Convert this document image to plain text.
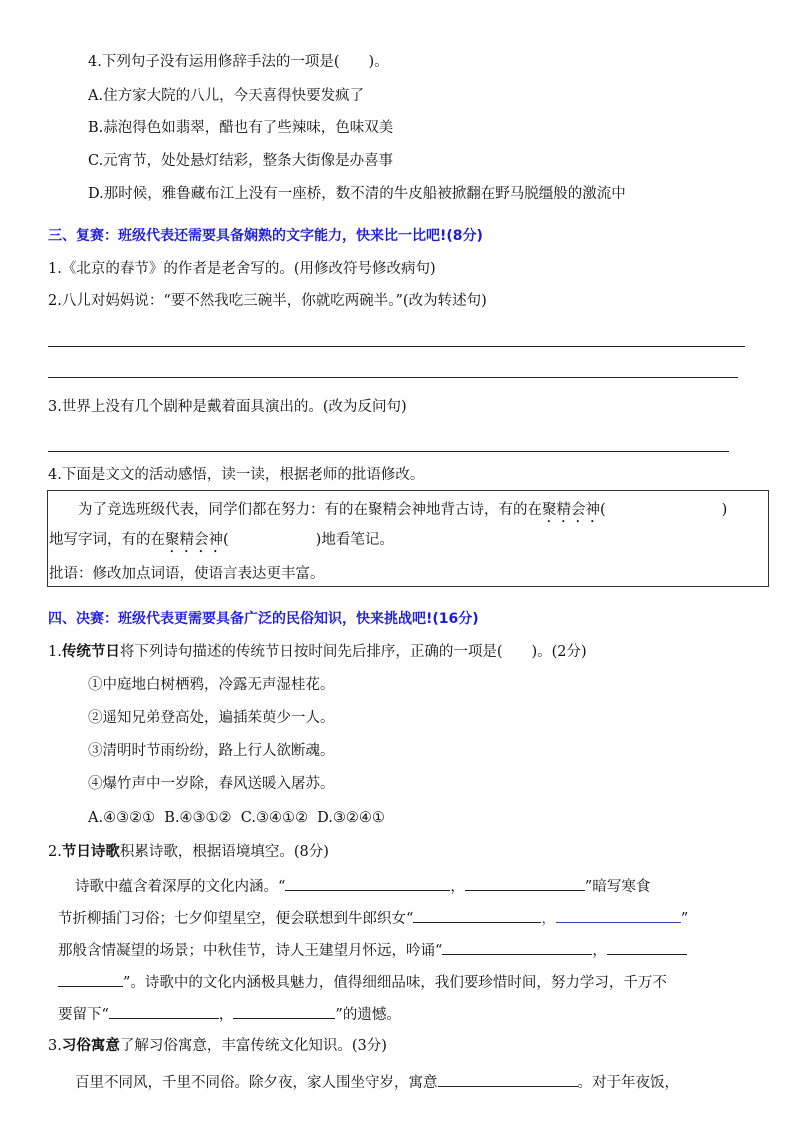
4.下列句子没有运用修辞手法的一项是(　　)。
A.住方家大院的八儿，今天喜得快要发疯了
B.蒜泡得色如翡翠，醋也有了些辣味，色味双美
C.元宵节，处处悬灯结彩，整条大街像是办喜事
D.那时候，雅鲁藏布江上没有一座桥，数不清的牛皮船被掀翻在野马脱缰般的激流中
三、复赛：班级代表还需要具备娴熟的文字能力，快来比一比吧!(8分)
1.《北京的春节》的作者是老舍写的。(用修改符号修改病句)
2.八儿对妈妈说：“要不然我吃三碗半，你就吃两碗半。”(改为转述句)
3.世界上没有几个剧种是戴着面具演出的。(改为反问句)
4.下面是文文的活动感悟，读一读，根据老师的批语修改。
为了竞选班级代表，同学们都在努力：有的在聚精会神地背古诗，有的在聚精会神(　　　　　　　　)
地写字词，有的在聚精会神(　　　　　　)地看笔记。
批语：修改加点词语，使语言表达更丰富。
四、决赛：班级代表更需要具备广泛的民俗知识，快来挑战吧!(16分)
1.传统节日将下列诗句描述的传统节日按时间先后排序，正确的一项是(　　)。(2分)
①中庭地白树栖鸦，冷露无声湿桂花。
②遥知兄弟登高处，遍插茱萸少一人。
③清明时节雨纷纷，路上行人欲断魂。
④爆竹声中一岁除，春风送暖入屠苏。
A.④③②①  B.④③①②  C.③④①②  D.③②④①
2.节日诗歌积累诗歌，根据语境填空。(8分)
诗歌中蕴含着深厚的文化内涵。“	，	”暗写寒食
节折柳插门习俗；七夕仰望星空，便会联想到牛郎织女“	，	”
那般含情凝望的场景；中秋佳节，诗人王建望月怀远，吟诵“	，
”。诗歌中的文化内涵极具魅力，值得细细品味，我们要珍惜时间，努力学习，千万不
要留下“	，	”的遗憾。
3.习俗寓意了解习俗寓意，丰富传统文化知识。(3分)
百里不同风，千里不同俗。除夕夜，家人围坐守岁，寓意	。对于年夜饭，
